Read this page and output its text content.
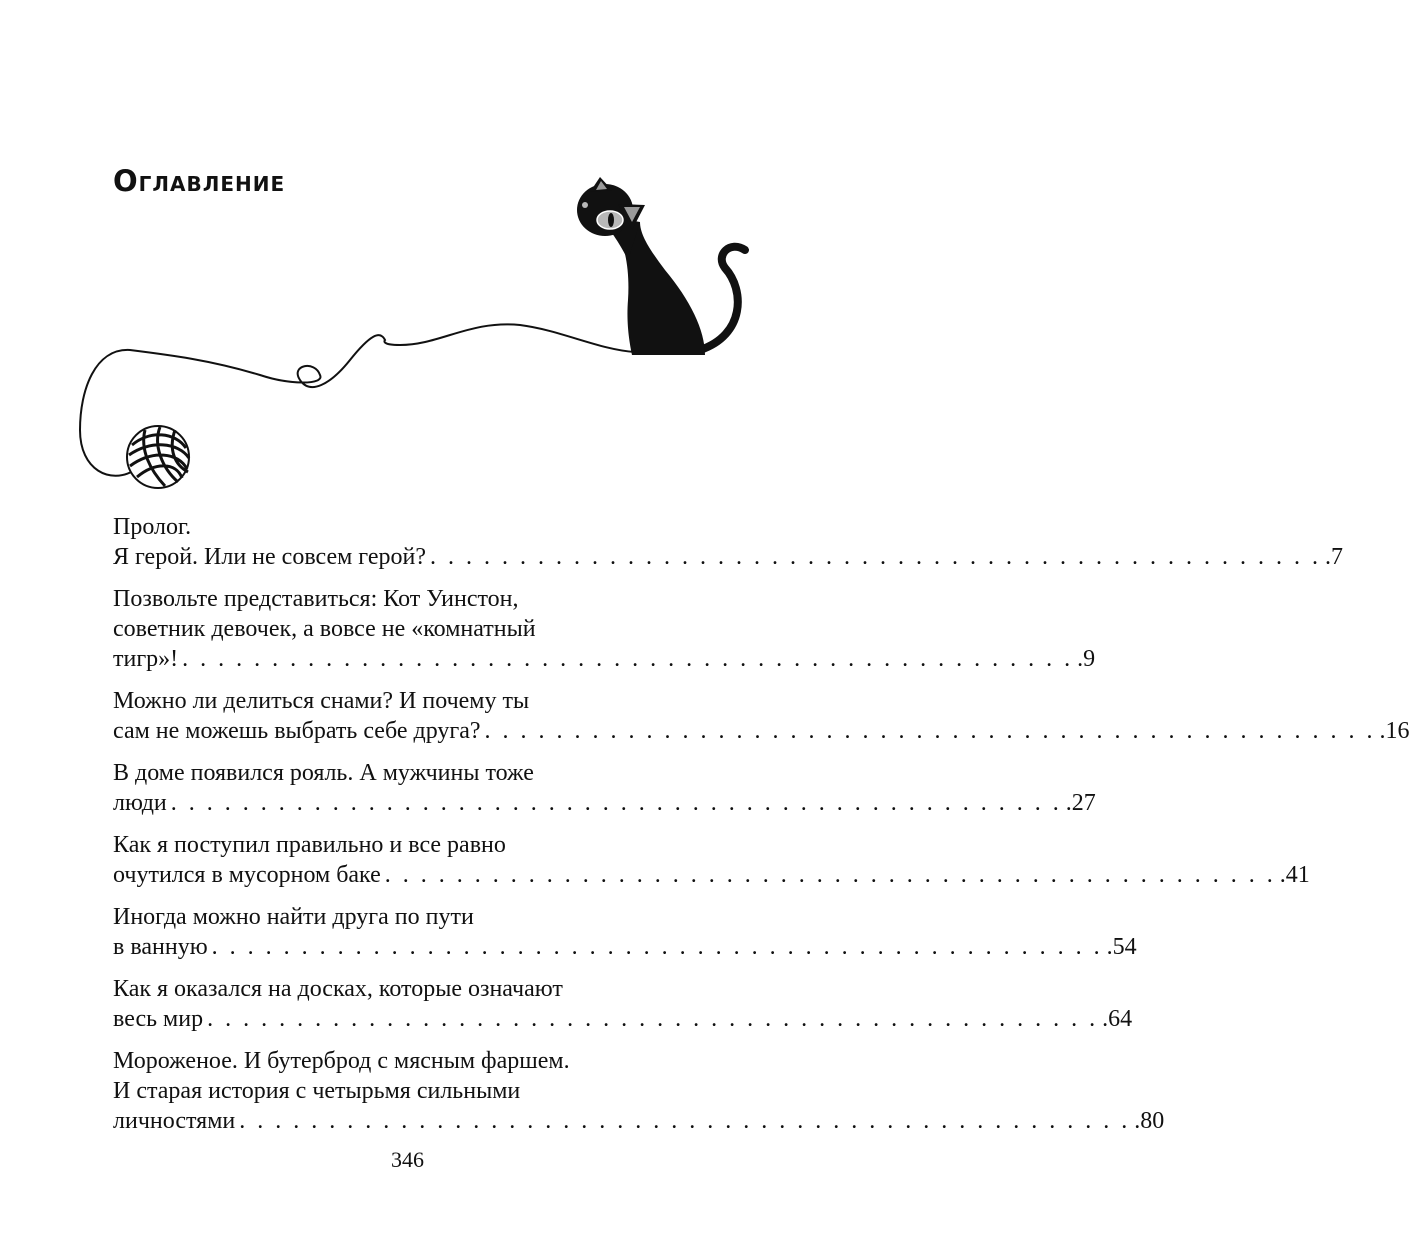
Оглавление
Пролог.
Я герой. Или не совсем герой? . . . . . . . . . . . . . . . . . . . . . . . . . . . . . . . . . . . . . . . . . . . . . . . . . . .7
Позвольте представиться: Кот Уинстон,
советник девочек, а вовсе не «комнатный
тигр»! . . . . . . . . . . . . . . . . . . . . . . . . . . . . . . . . . . . . . . . . . . . . . . . . . . .9
Можно ли делиться снами? И почему ты
сам не можешь выбрать себе друга? . . . . . . . . . . . . . . . . . . . . . . . . . . . . . . . . . . . . . . . . . . . . . . . . . . .16
В доме появился рояль. А мужчины тоже
люди . . . . . . . . . . . . . . . . . . . . . . . . . . . . . . . . . . . . . . . . . . . . . . . . . . .27
Как я поступил правильно и все равно
очутился в мусорном баке . . . . . . . . . . . . . . . . . . . . . . . . . . . . . . . . . . . . . . . . . . . . . . . . . . .41
Иногда можно найти друга по пути
в ванную . . . . . . . . . . . . . . . . . . . . . . . . . . . . . . . . . . . . . . . . . . . . . . . . . . .54
Как я оказался на досках, которые означают
весь мир . . . . . . . . . . . . . . . . . . . . . . . . . . . . . . . . . . . . . . . . . . . . . . . . . . .64
Мороженое. И бутерброд с мясным фаршем.
И старая история с четырьмя сильными
личностями . . . . . . . . . . . . . . . . . . . . . . . . . . . . . . . . . . . . . . . . . . . . . . . . . . .80
346
